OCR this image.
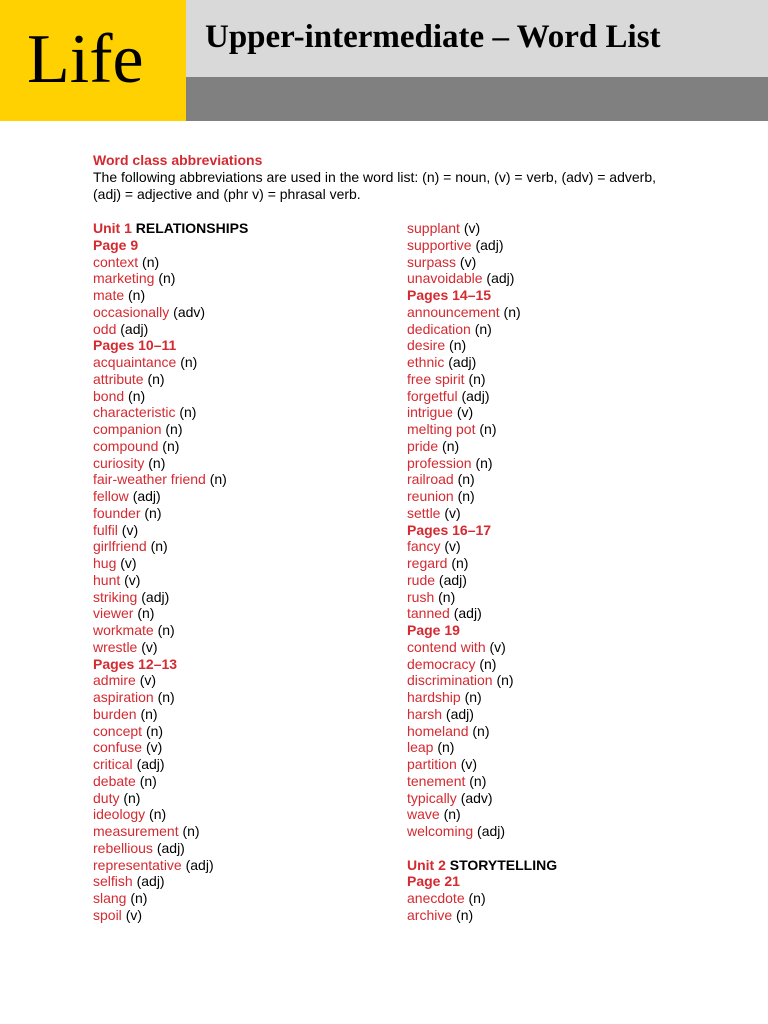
Life Upper-intermediate – Word List
Word class abbreviations
The following abbreviations are used in the word list: (n) = noun, (v) = verb, (adv) = adverb, (adj) = adjective and (phr v) = phrasal verb.
Unit 1 RELATIONSHIPS
Page 9
context (n)
marketing (n)
mate (n)
occasionally (adv)
odd (adj)
Pages 10–11
acquaintance (n)
attribute (n)
bond (n)
characteristic (n)
companion (n)
compound (n)
curiosity (n)
fair-weather friend (n)
fellow (adj)
founder (n)
fulfil (v)
girlfriend (n)
hug (v)
hunt (v)
striking (adj)
viewer (n)
workmate (n)
wrestle (v)
Pages 12–13
admire (v)
aspiration (n)
burden (n)
concept (n)
confuse (v)
critical (adj)
debate (n)
duty (n)
ideology (n)
measurement (n)
rebellious (adj)
representative (adj)
selfish (adj)
slang (n)
spoil (v)
supplant (v)
supportive (adj)
surpass (v)
unavoidable (adj)
Pages 14–15
announcement (n)
dedication (n)
desire (n)
ethnic (adj)
free spirit (n)
forgetful (adj)
intrigue (v)
melting pot (n)
pride (n)
profession (n)
railroad (n)
reunion (n)
settle (v)
Pages 16–17
fancy (v)
regard (n)
rude (adj)
rush (n)
tanned (adj)
Page 19
contend with (v)
democracy (n)
discrimination (n)
hardship (n)
harsh (adj)
homeland (n)
leap (n)
partition (v)
tenement (n)
typically (adv)
wave (n)
welcoming (adj)
Unit 2 STORYTELLING
Page 21
anecdote (n)
archive (n)
